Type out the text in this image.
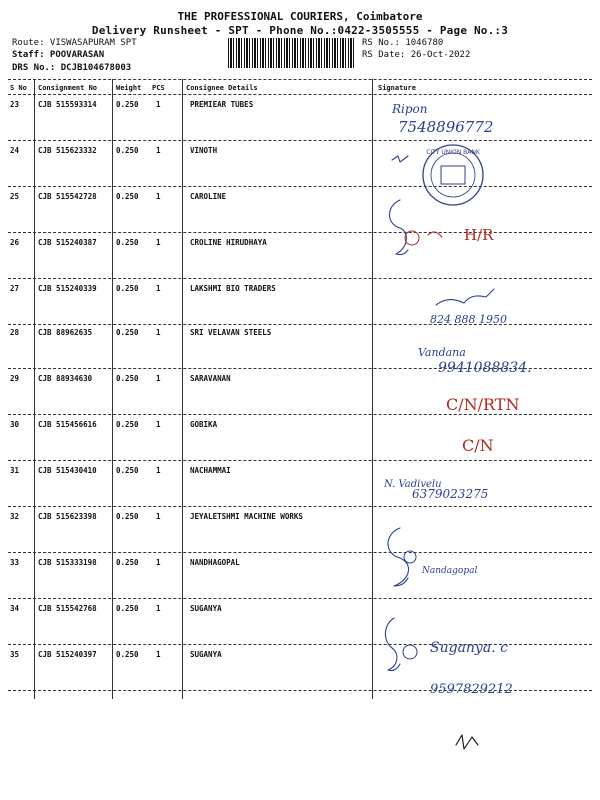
THE PROFESSIONAL COURIERS, Coimbatore
Delivery Runsheet - SPT - Phone No.:0422-3505555 - Page No.:3
Route: VISWASAPURAM SPT
Staff: POOVARASAN
DRS No.: DCJB104678003
RS No.: 1046780
RS Date: 26-Oct-2022
S No Consignment No	Weight PCS	Consignee Details	Signature
23	CJB 515593314	0.250 1	PREMIEAR TUBES
24	CJB 515623332	0.250 1	VINOTH
25	CJB 515542728	0.250 1	CAROLINE
26	CJB 515240387	0.250 1	CROLINE HIRUDHAYA
27	CJB 515240339	0.250 1	LAKSHMI BIO TRADERS
28	CJB 88962635	0.250 1	SRI VELAVAN STEELS
29	CJB 88934630	0.250 1	SARAVANAN
30	CJB 515456616	0.250 1	GOBIKA
31	CJB 515430410	0.250 1	NACHAMMAI
32	CJB 515623398	0.250 1	JEYALETSHMI MACHINE WORKS
33	CJB 515333198	0.250 1	NANDHAGOPAL
34	CJB 515542768	0.250 1	SUGANYA
35	CJB 515240397	0.250 1	SUGANYA
Ripon
7548896772
CITY UNION BANK
H/R
824 888 1950
Vandana
9941088834.
C/N/RTN
C/N
N. Vadivelu
6379023275
Nandagopal
Suganya. c
9597829212
